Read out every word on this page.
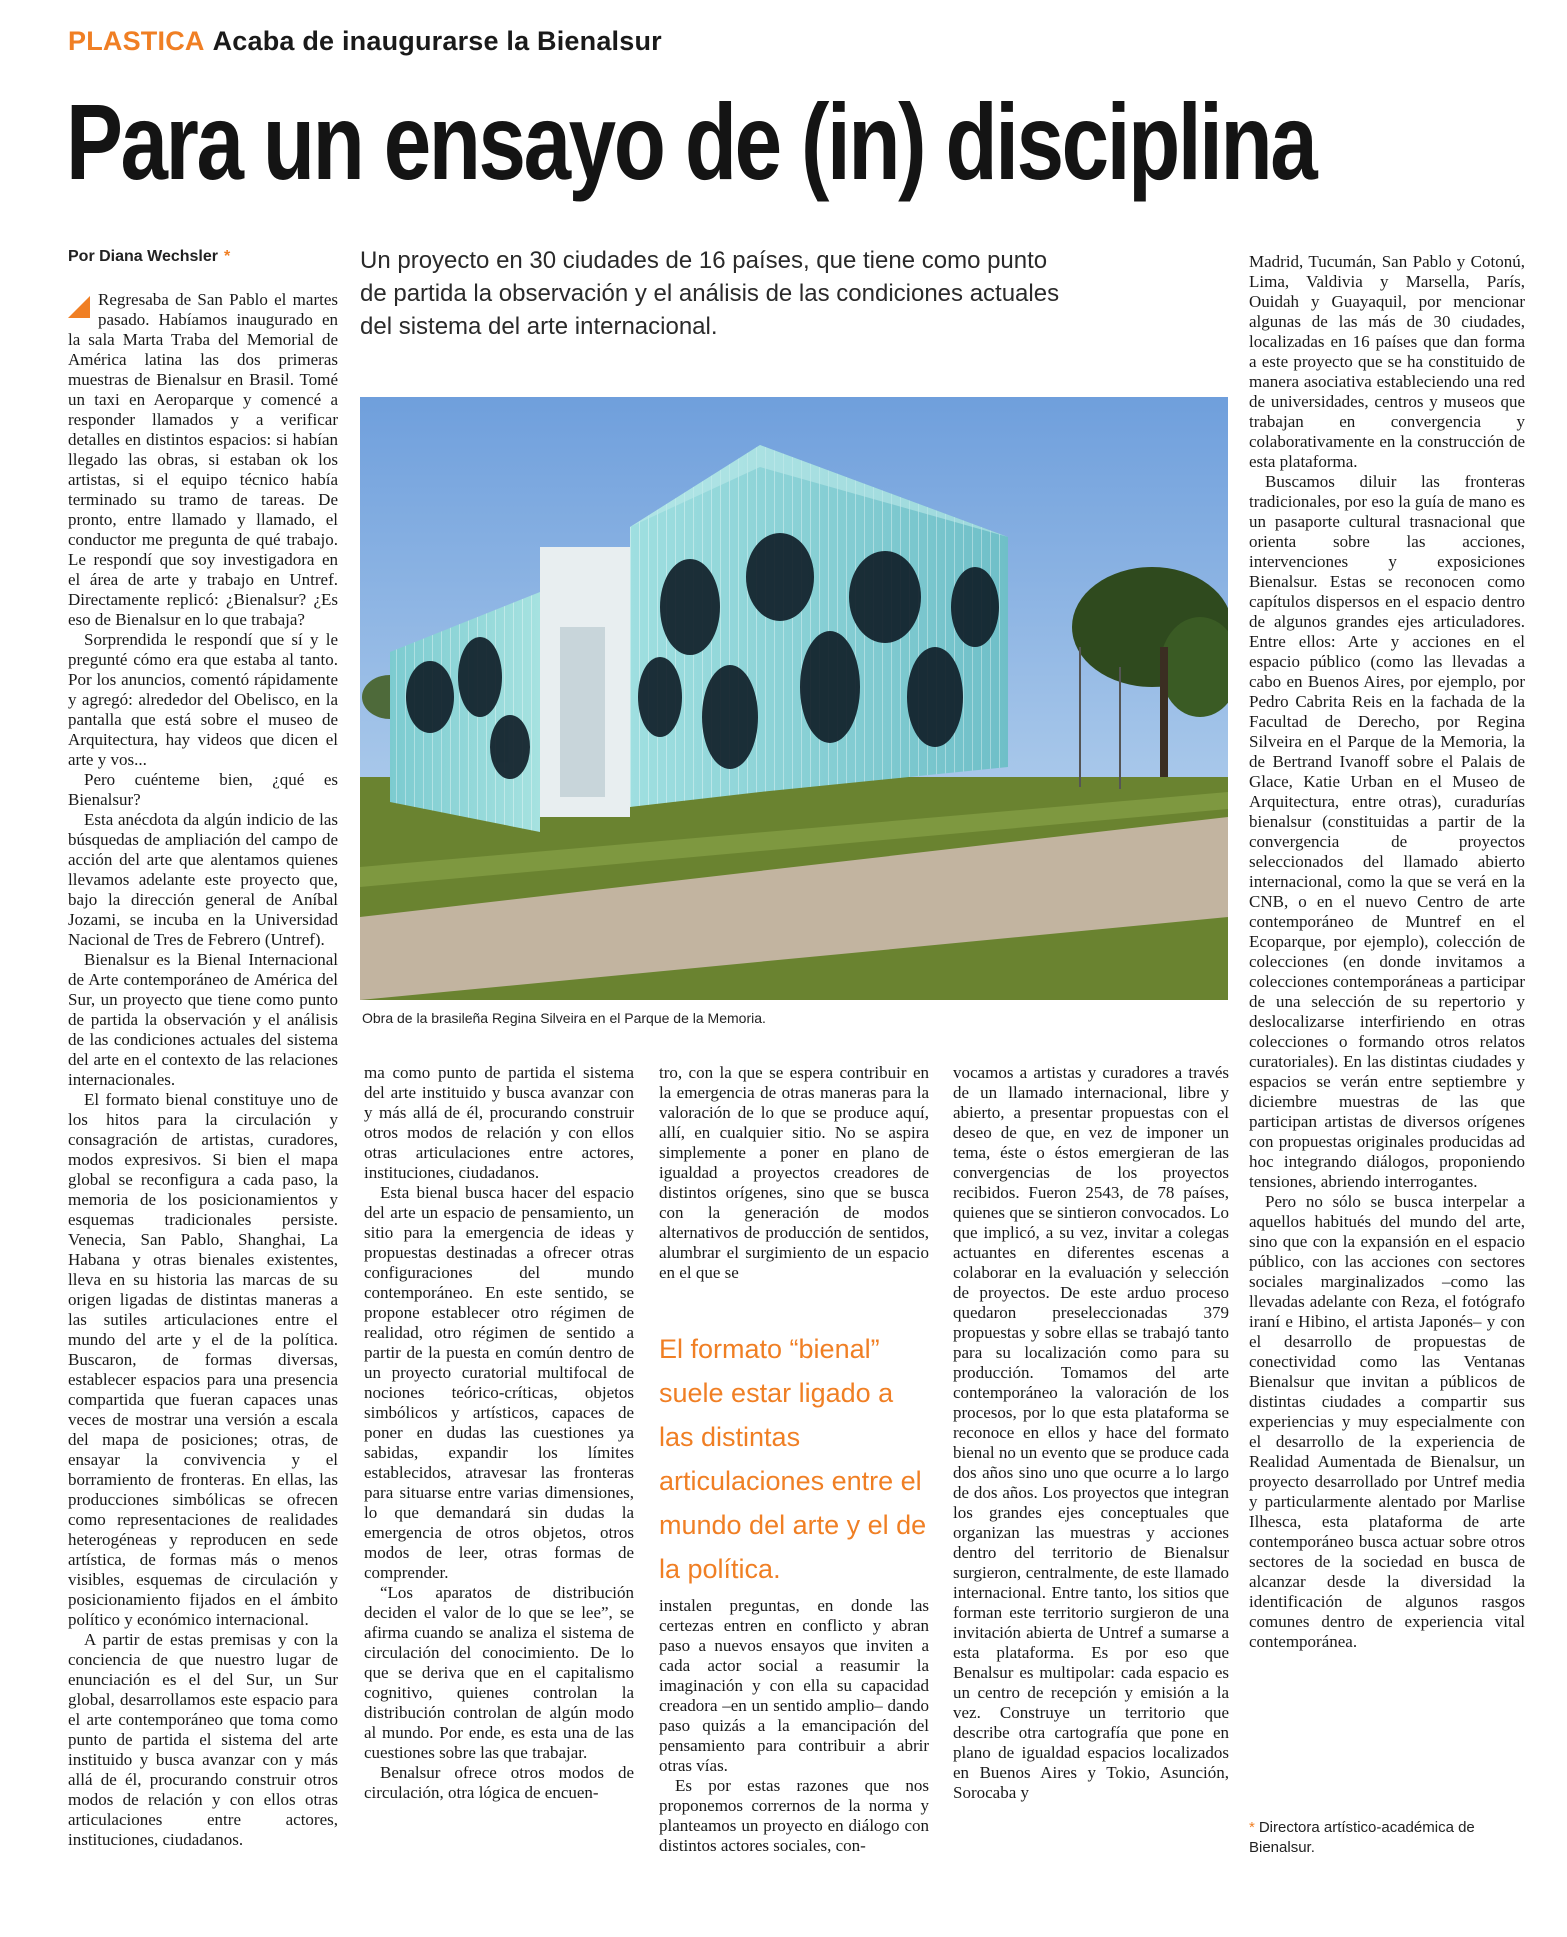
PLASTICA Acaba de inaugurarse la Bienalsur
Para un ensayo de (in) disciplina
Por Diana Wechsler *	Un proyecto en 30 ciudades de 16 países, que tiene como punto de partida la observación y el análisis de las condiciones actuales del sistema del arte internacional.
Obra de la brasileña Regina Silveira en el Parque de la Memoria.

Regresaba de San Pablo el martes pasado. Habíamos inaugurado en la sala Marta Traba del Memorial de América latina las dos primeras muestras de Bienalsur en Brasil. Tomé un taxi en Aeroparque y comencé a responder llamados y a verificar detalles en distintos espacios: si habían llegado las obras, si estaban ok los artistas, si el equipo técnico había terminado su tramo de tareas. De pronto, entre llamado y llamado, el conductor me pregunta de qué trabajo. Le respondí que soy investigadora en el área de arte y trabajo en Untref. Directamente replicó: ¿Bienalsur? ¿Es eso de Bienalsur en lo que trabaja?

Sorprendida le respondí que sí y le pregunté cómo era que estaba al tanto. Por los anuncios, comentó rápidamente y agregó: alrededor del Obelisco, en la pantalla que está sobre el museo de Arquitectura, hay videos que dicen el arte y vos...

Pero cuénteme bien, ¿qué es Bienalsur?

Esta anécdota da algún indicio de las búsquedas de ampliación del campo de acción del arte que alentamos quienes llevamos adelante este proyecto que, bajo la dirección general de Aníbal Jozami, se incuba en la Universidad Nacional de Tres de Febrero (Untref).

Bienalsur es la Bienal Internacional de Arte contemporáneo de América del Sur, un proyecto que tiene como punto de partida la observación y el análisis de las condiciones actuales del sistema del arte en el contexto de las relaciones internacionales.

El formato bienal constituye uno de los hitos para la circulación y consagración de artistas, curadores, modos expresivos. Si bien el mapa global se reconfigura a cada paso, la memoria de los posicionamientos y esquemas tradicionales persiste. Venecia, San Pablo, Shanghai, La Habana y otras bienales existentes, lleva en su historia las marcas de su origen ligadas de distintas maneras a las sutiles articulaciones entre el mundo del arte y el de la política. Buscaron, de formas diversas, establecer espacios para una presencia compartida que fueran capaces unas veces de mostrar una versión a escala del mapa de posiciones; otras, de ensayar la convivencia y el borramiento de fronteras. En ellas, las producciones simbólicas se ofrecen como representaciones de realidades heterogéneas y reproducen en sede artística, de formas más o menos visibles, esquemas de circulación y posicionamiento fijados en el ámbito político y económico internacional.

A partir de estas premisas y con la conciencia de que nuestro lugar de enunciación es el del Sur, un Sur global, desarrollamos este espacio para el arte contemporáneo que toma como punto de partida el sistema del arte instituido y busca avanzar con y más allá de él, procurando construir otros modos de relación y con ellos otras articulaciones entre actores, instituciones, ciudadanos.

ma como punto de partida el sistema del arte instituido y busca avanzar con y más allá de él, procurando construir otros modos de relación y con ellos otras articulaciones entre actores, instituciones, ciudadanos.

Esta bienal busca hacer del espacio del arte un espacio de pensamiento, un sitio para la emergencia de ideas y propuestas destinadas a ofrecer otras configuraciones del mundo contemporáneo. En este sentido, se propone establecer otro régimen de realidad, otro régimen de sentido a partir de la puesta en común dentro de un proyecto curatorial multifocal de nociones teórico-críticas, objetos simbólicos y artísticos, capaces de poner en dudas las cuestiones ya sabidas, expandir los límites establecidos, atravesar las fronteras para situarse entre varias dimensiones, lo que demandará sin dudas la emergencia de otros objetos, otros modos de leer, otras formas de comprender.

“Los aparatos de distribución deciden el valor de lo que se lee”, se afirma cuando se analiza el sistema de circulación del conocimiento. De lo que se deriva que en el capitalismo cognitivo, quienes controlan la distribución controlan de algún modo al mundo. Por ende, es esta una de las cuestiones sobre las que trabajar.

Benalsur ofrece otros modos de circulación, otra lógica de encuen-

tro, con la que se espera contribuir en la emergencia de otras maneras para la valoración de lo que se produce aquí, allí, en cualquier sitio. No se aspira simplemente a poner en plano de igualdad a proyectos creadores de distintos orígenes, sino que se busca con la generación de modos alternativos de producción de sentidos, alumbrar el surgimiento de un espacio en el que se

El formato “bienal” suele estar ligado a las distintas articulaciones entre el mundo del arte y el de la política.

instalen preguntas, en donde las certezas entren en conflicto y abran paso a nuevos ensayos que inviten a cada actor social a reasumir la imaginación y con ella su capacidad creadora –en un sentido amplio– dando paso quizás a la emancipación del pensamiento para contribuir a abrir otras vías.

Es por estas razones que nos proponemos corrernos de la norma y planteamos un proyecto en diálogo con distintos actores sociales, con-

vocamos a artistas y curadores a través de un llamado internacional, libre y abierto, a presentar propuestas con el deseo de que, en vez de imponer un tema, éste o éstos emergieran de las convergencias de los proyectos recibidos. Fueron 2543, de 78 países, quienes que se sintieron convocados. Lo que implicó, a su vez, invitar a colegas actuantes en diferentes escenas a colaborar en la evaluación y selección de proyectos. De este arduo proceso quedaron preseleccionadas 379 propuestas y sobre ellas se trabajó tanto para su localización como para su producción. Tomamos del arte contemporáneo la valoración de los procesos, por lo que esta plataforma se reconoce en ellos y hace del formato bienal no un evento que se produce cada dos años sino uno que ocurre a lo largo de dos años. Los proyectos que integran los grandes ejes conceptuales que organizan las muestras y acciones dentro del territorio de Bienalsur surgieron, centralmente, de este llamado internacional. Entre tanto, los sitios que forman este territorio surgieron de una invitación abierta de Untref a sumarse a esta plataforma. Es por eso que Benalsur es multipolar: cada espacio es un centro de recepción y emisión a la vez. Construye un territorio que describe otra cartografía que pone en plano de igualdad espacios localizados en Buenos Aires y Tokio, Asunción, Sorocaba y

Madrid, Tucumán, San Pablo y Cotonú, Lima, Valdivia y Marsella, París, Ouidah y Guayaquil, por mencionar algunas de las más de 30 ciudades, localizadas en 16 países que dan forma a este proyecto que se ha constituido de manera asociativa estableciendo una red de universidades, centros y museos que trabajan en convergencia y colaborativamente en la construcción de esta plataforma.

Buscamos diluir las fronteras tradicionales, por eso la guía de mano es un pasaporte cultural trasnacional que orienta sobre las acciones, intervenciones y exposiciones Bienalsur. Estas se reconocen como capítulos dispersos en el espacio dentro de algunos grandes ejes articuladores. Entre ellos: Arte y acciones en el espacio público (como las llevadas a cabo en Buenos Aires, por ejemplo, por Pedro Cabrita Reis en la fachada de la Facultad de Derecho, por Regina Silveira en el Parque de la Memoria, la de Bertrand Ivanoff sobre el Palais de Glace, Katie Urban en el Museo de Arquitectura, entre otras), curadurías bienalsur (constituidas a partir de la convergencia de proyectos seleccionados del llamado abierto internacional, como la que se verá en la CNB, o en el nuevo Centro de arte contemporáneo de Muntref en el Ecoparque, por ejemplo), colección de colecciones (en donde invitamos a colecciones contemporáneas a participar de una selección de su repertorio y deslocalizarse interfiriendo en otras colecciones o formando otros relatos curatoriales). En las distintas ciudades y espacios se verán entre septiembre y diciembre muestras de las que participan artistas de diversos orígenes con propuestas originales producidas ad hoc integrando diálogos, proponiendo tensiones, abriendo interrogantes.

Pero no sólo se busca interpelar a aquellos habitués del mundo del arte, sino que con la expansión en el espacio público, con las acciones con sectores sociales marginalizados –como las llevadas adelante con Reza, el fotógrafo iraní e Hibino, el artista Japonés– y con el desarrollo de propuestas de conectividad como las Ventanas Bienalsur que invitan a públicos de distintas ciudades a compartir sus experiencias y muy especialmente con el desarrollo de la experiencia de Realidad Aumentada de Bienalsur, un proyecto desarrollado por Untref media y particularmente alentado por Marlise Ilhesca, esta plataforma de arte contemporáneo busca actuar sobre otros sectores de la sociedad en busca de alcanzar desde la diversidad la identificación de algunos rasgos comunes dentro de experiencia vital contemporánea.

* Directora artístico-académica de Bienalsur.
